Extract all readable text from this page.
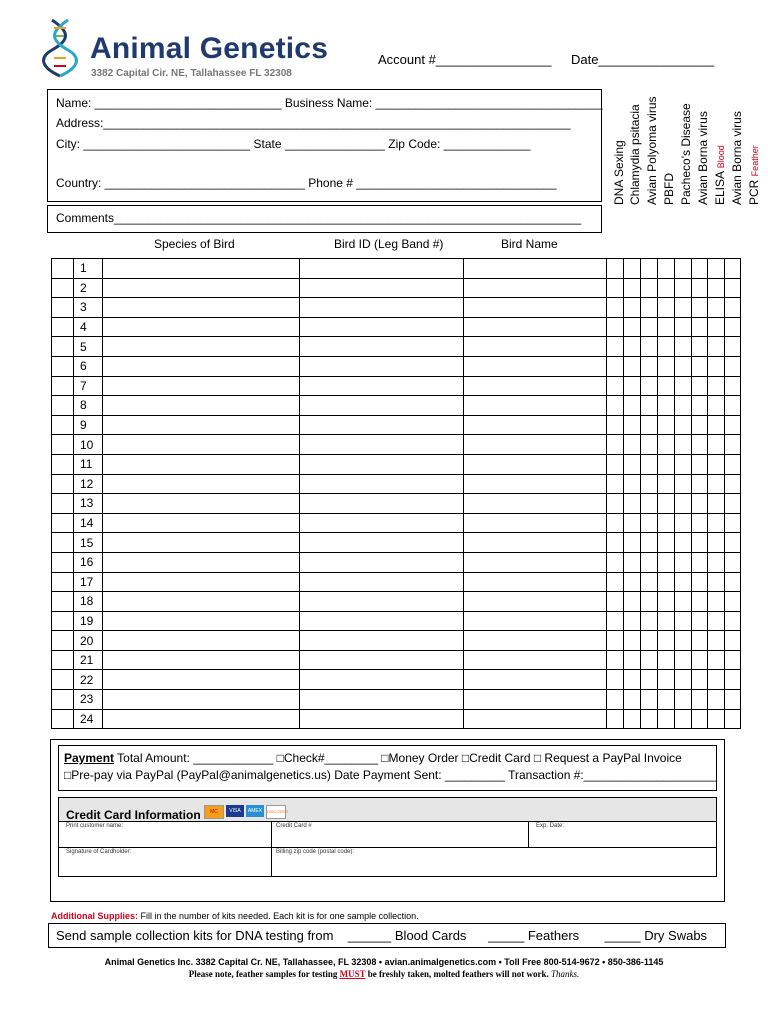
Animal Genetics
3382 Capital Cir. NE, Tallahassee FL 32308
Account #________________ Date________________
Name: ____________________________ Business Name: __________________________________
Address:______________________________________________________________________
City: _________________________ State _______________ Zip Code: _____________
Country: ______________________________ Phone # ______________________________
Comments______________________________________________________________________
DNA Sexing Chlamydia psitacia Avian Polyoma virus PBFD Pacheco's Disease Avian Borna virus ELISA Blood Avian Borna virus PCR Feather
Species of Bird	Bird ID (Leg Band #)	Bird Name
	1											
	2											
	3											
	4											
	5											
	6											
	7											
	8											
	9											
	10											
	11											
	12											
	13											
	14											
	15											
	16											
	17											
	18											
	19											
	20											
	21											
	22											
	23											
	24											
Payment Total Amount: ____________ □Check#________ □Money Order □Credit Card □ Request a PayPal Invoice
□Pre-pay via PayPal (PayPal@animalgenetics.us) Date Payment Sent: _________ Transaction #:____________________
Credit Card Information	MC	VISA	AMEX	DISCOVER
Print customer name:	Credit Card #	Exp. Date:
Signature of Cardholder:	Billing zip code (postal code):
Additional Supplies: Fill in the number of kits needed. Each kit is for one sample collection.
Send sample collection kits for DNA testing from    ______ Blood Cards      _____ Feathers       _____ Dry Swabs
Animal Genetics Inc. 3382 Capital Cr. NE, Tallahassee, FL 32308 • avian.animalgenetics.com • Toll Free 800-514-9672 • 850-386-1145
Please note, feather samples for testing MUST be freshly taken, molted feathers will not work. Thanks.
